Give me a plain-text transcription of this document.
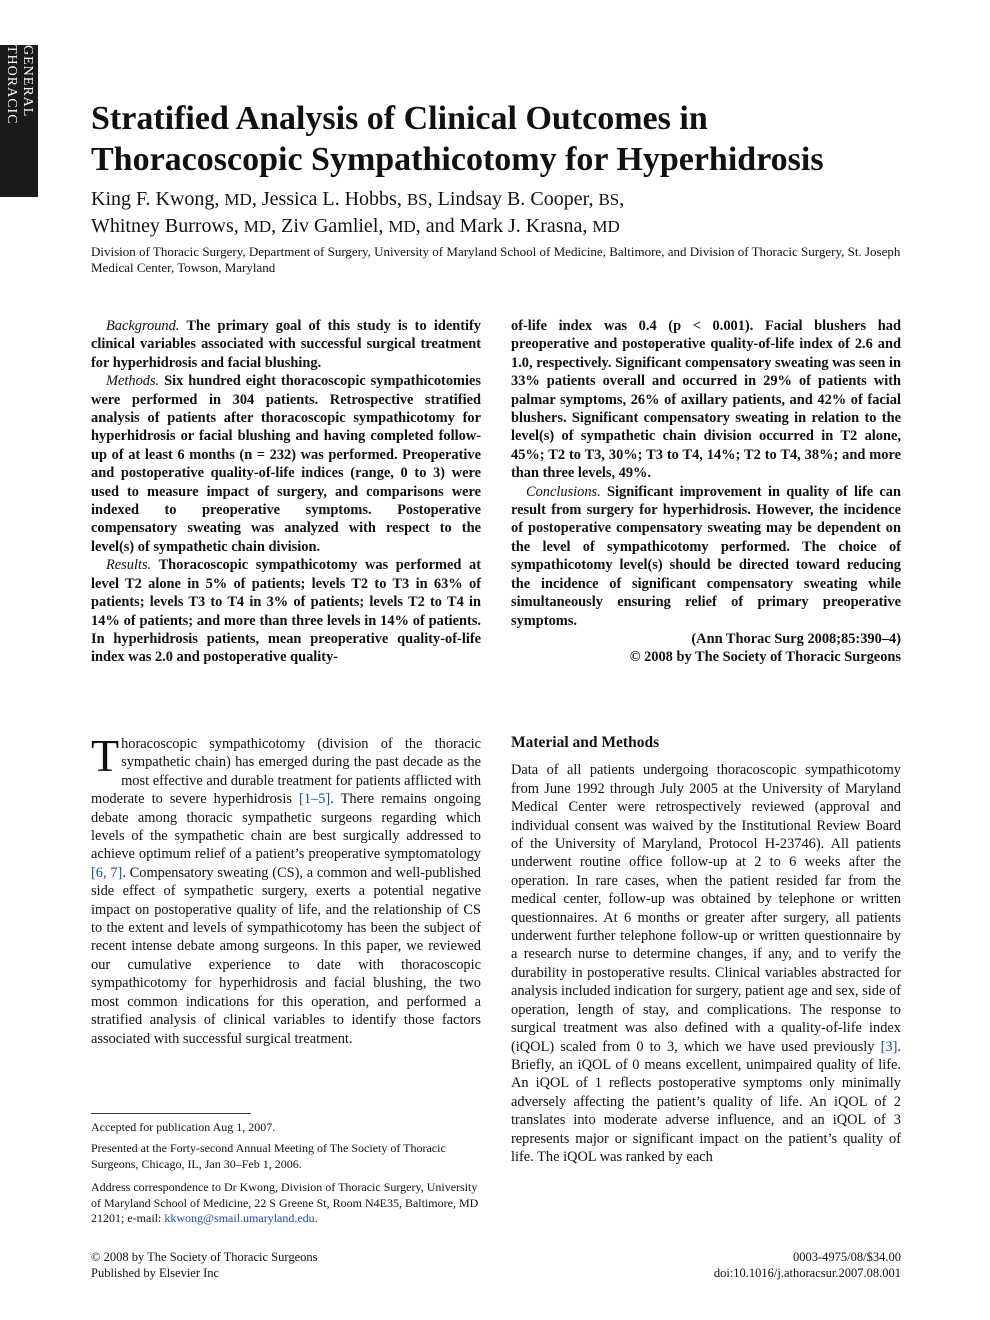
GENERAL THORACIC	Stratified Analysis of Clinical Outcomes in Thoracoscopic Sympathicotomy for Hyperhidrosis
King F. Kwong, MD, Jessica L. Hobbs, BS, Lindsay B. Cooper, BS,
Whitney Burrows, MD, Ziv Gamliel, MD, and Mark J. Krasna, MD
Division of Thoracic Surgery, Department of Surgery, University of Maryland School of Medicine, Baltimore, and Division of Thoracic Surgery, St. Joseph Medical Center, Towson, Maryland

Background. The primary goal of this study is to identify clinical variables associated with successful surgical treatment for hyperhidrosis and facial blushing.

Methods. Six hundred eight thoracoscopic sympathicotomies were performed in 304 patients. Retrospective stratified analysis of patients after thoracoscopic sympathicotomy for hyperhidrosis or facial blushing and having completed follow-up of at least 6 months (n = 232) was performed. Preoperative and postoperative quality-of-life indices (range, 0 to 3) were used to measure impact of surgery, and comparisons were indexed to preoperative symptoms. Postoperative compensatory sweating was analyzed with respect to the level(s) of sympathetic chain division.

Results. Thoracoscopic sympathicotomy was performed at level T2 alone in 5% of patients; levels T2 to T3 in 63% of patients; levels T3 to T4 in 3% of patients; levels T2 to T4 in 14% of patients; and more than three levels in 14% of patients. In hyperhidrosis patients, mean preoperative quality-of-life index was 2.0 and postoperative quality-

of-life index was 0.4 (p < 0.001). Facial blushers had preoperative and postoperative quality-of-life index of 2.6 and 1.0, respectively. Significant compensatory sweating was seen in 33% patients overall and occurred in 29% of patients with palmar symptoms, 26% of axillary patients, and 42% of facial blushers. Significant compensatory sweating in relation to the level(s) of sympathetic chain division occurred in T2 alone, 45%; T2 to T3, 30%; T3 to T4, 14%; T2 to T4, 38%; and more than three levels, 49%.

Conclusions. Significant improvement in quality of life can result from surgery for hyperhidrosis. However, the incidence of postoperative compensatory sweating may be dependent on the level of sympathicotomy performed. The choice of sympathicotomy level(s) should be directed toward reducing the incidence of significant compensatory sweating while simultaneously ensuring relief of primary preoperative symptoms.

(Ann Thorac Surg 2008;85:390–4)

© 2008 by The Society of Thoracic Surgeons

Thoracoscopic sympathicotomy (division of the thoracic sympathetic chain) has emerged during the past decade as the most effective and durable treatment for patients afflicted with moderate to severe hyperhidrosis [1–5]. There remains ongoing debate among thoracic sympathetic surgeons regarding which levels of the sympathetic chain are best surgically addressed to achieve optimum relief of a patient’s preoperative symptomatology [6, 7]. Compensatory sweating (CS), a common and well-published side effect of sympathetic surgery, exerts a potential negative impact on postoperative quality of life, and the relationship of CS to the extent and levels of sympathicotomy has been the subject of recent intense debate among surgeons. In this paper, we reviewed our cumulative experience to date with thoracoscopic sympathicotomy for hyperhidrosis and facial blushing, the two most common indications for this operation, and performed a stratified analysis of clinical variables to identify those factors associated with successful surgical treatment.

Accepted for publication Aug 1, 2007.

Presented at the Forty-second Annual Meeting of The Society of Thoracic Surgeons, Chicago, IL, Jan 30–Feb 1, 2006.

Address correspondence to Dr Kwong, Division of Thoracic Surgery, University of Maryland School of Medicine, 22 S Greene St, Room N4E35, Baltimore, MD 21201; e-mail: kkwong@smail.umaryland.edu.

Material and Methods

Data of all patients undergoing thoracoscopic sympathicotomy from June 1992 through July 2005 at the University of Maryland Medical Center were retrospectively reviewed (approval and individual consent was waived by the Institutional Review Board of the University of Maryland, Protocol H-23746). All patients underwent routine office follow-up at 2 to 6 weeks after the operation. In rare cases, when the patient resided far from the medical center, follow-up was obtained by telephone or written questionnaires. At 6 months or greater after surgery, all patients underwent further telephone follow-up or written questionnaire by a research nurse to determine changes, if any, and to verify the durability in postoperative results. Clinical variables abstracted for analysis included indication for surgery, patient age and sex, side of operation, length of stay, and complications. The response to surgical treatment was also defined with a quality-of-life index (iQOL) scaled from 0 to 3, which we have used previously [3]. Briefly, an iQOL of 0 means excellent, unimpaired quality of life. An iQOL of 1 reflects postoperative symptoms only minimally adversely affecting the patient’s quality of life. An iQOL of 2 translates into moderate adverse influence, and an iQOL of 3 represents major or significant impact on the patient’s quality of life. The iQOL was ranked by each

© 2008 by The Society of Thoracic Surgeons
Published by Elsevier Inc
0003-4975/08/$34.00
doi:10.1016/j.athoracsur.2007.08.001
